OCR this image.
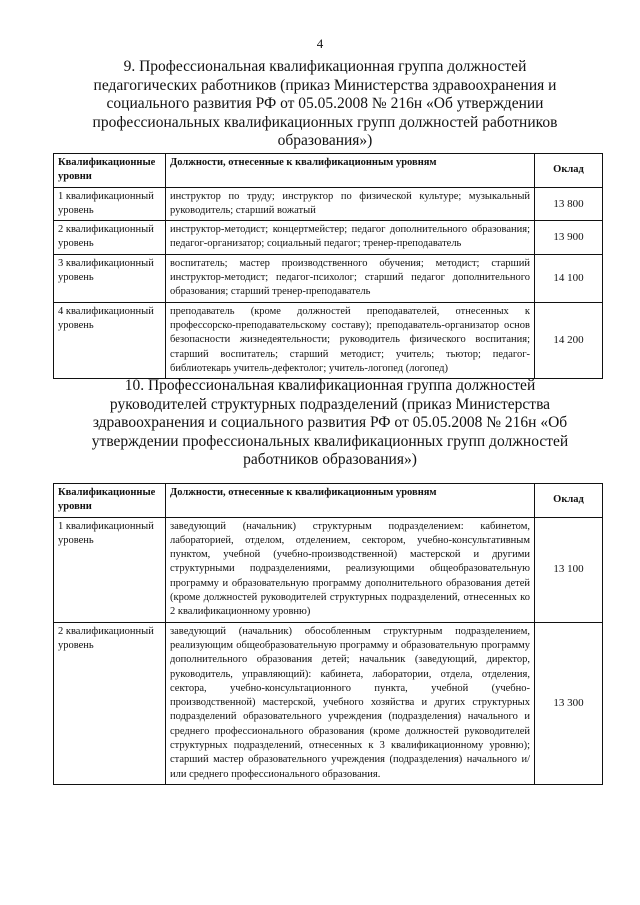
4
9. Профессиональная квалификационная группа должностей педагогических работников (приказ Министерства здравоохранения и социального развития РФ от 05.05.2008 № 216н «Об утверждении профессиональных квалификационных групп должностей работников образования»)
Квалификационные уровни	Должности, отнесенные к квалификационным уровням	Оклад
1 квалификационный уровень	инструктор по труду; инструктор по физической культуре; музыкальный руководитель; старший вожатый	13 800
2 квалификационный уровень	инструктор-методист; концертмейстер; педагог дополнительного образования; педагог-организатор; социальный педагог; тренер-преподаватель	13 900
3 квалификационный уровень	воспитатель; мастер производственного обучения; методист; старший инструктор-методист; педагог-психолог; старший педагог дополнительного образования; старший тренер-преподаватель	14 100
4 квалификационный уровень	преподаватель (кроме должностей преподавателей, отнесенных к профессорско-преподавательскому составу); преподаватель-организатор основ безопасности жизнедеятельности; руководитель физического воспитания; старший воспитатель; старший методист; учитель; тьютор; педагог-библиотекарь учитель-дефектолог; учитель-логопед (логопед)	14 200
10. Профессиональная квалификационная группа должностей руководителей структурных подразделений (приказ Министерства здравоохранения и социального развития РФ от 05.05.2008 № 216н «Об утверждении профессиональных квалификационных групп должностей работников образования»)
Квалификационные уровни	Должности, отнесенные к квалификационным уровням	Оклад
1 квалификационный уровень	заведующий (начальник) структурным подразделением: кабинетом, лабораторией, отделом, отделением, сектором, учебно-консультативным пунктом, учебной (учебно-производственной) мастерской и другими структурными подразделениями, реализующими общеобразовательную программу и образовательную программу дополнительного образования детей (кроме должностей руководителей структурных подразделений, отнесенных ко 2 квалификационному уровню)	13 100
2 квалификационный уровень	заведующий (начальник) обособленным структурным подразделением, реализующим общеобразовательную программу и образовательную программу дополнительного образования детей; начальник (заведующий, директор, руководитель, управляющий): кабинета, лаборатории, отдела, отделения, сектора, учебно-консультационного пункта, учебной (учебно-производственной) мастерской, учебного хозяйства и других структурных подразделений образовательного учреждения (подразделения) начального и среднего профессионального образования (кроме должностей руководителей структурных подразделений, отнесенных к 3 квалификационному уровню); старший мастер образовательного учреждения (подразделения) начального и/ или среднего профессионального образования.	13 300
